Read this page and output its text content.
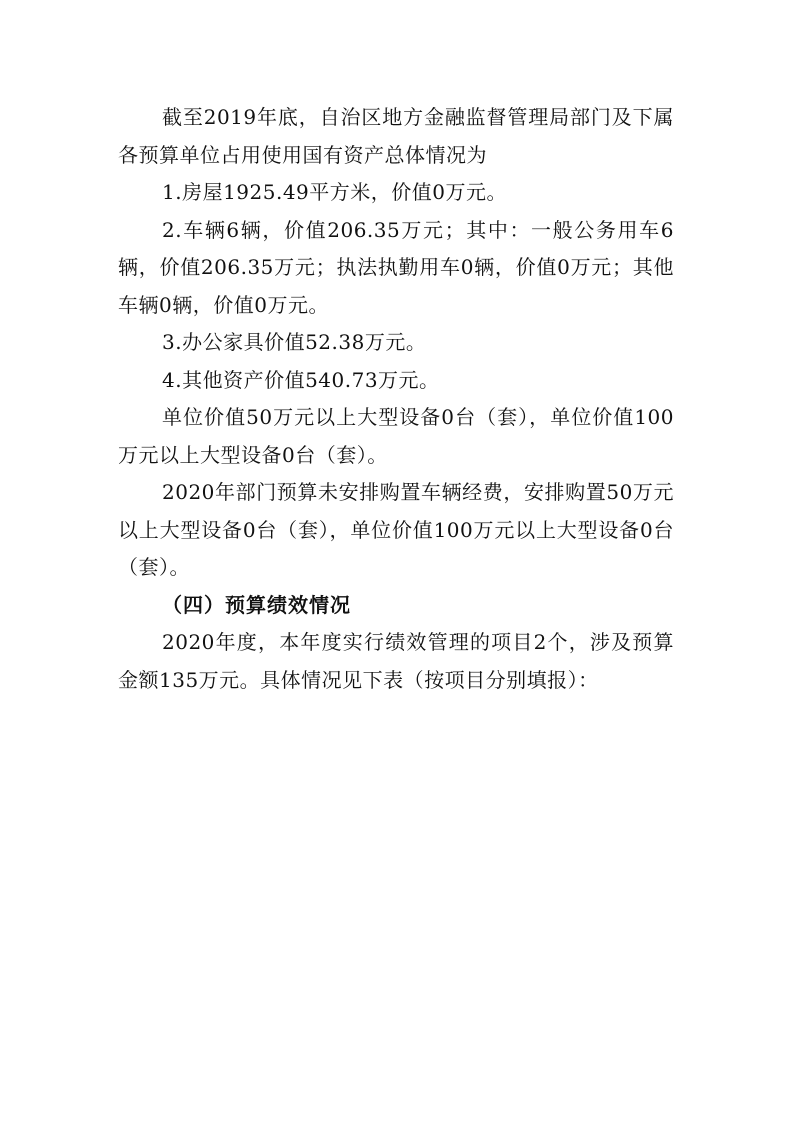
截至2019年底，自治区地方金融监督管理局部门及下属各预算单位占用使用国有资产总体情况为

1.房屋1925.49平方米，价值0万元。

2.车辆6辆，价值206.35万元；其中：一般公务用车6辆，价值206.35万元；执法执勤用车0辆，价值0万元；其他车辆0辆，价值0万元。

3.办公家具价值52.38万元。

4.其他资产价值540.73万元。

单位价值50万元以上大型设备0台（套），单位价值100万元以上大型设备0台（套）。

2020年部门预算未安排购置车辆经费，安排购置50万元以上大型设备0台（套），单位价值100万元以上大型设备0台（套）。

（四）预算绩效情况

2020年度，本年度实行绩效管理的项目2个，涉及预算金额135万元。具体情况见下表（按项目分别填报）：
